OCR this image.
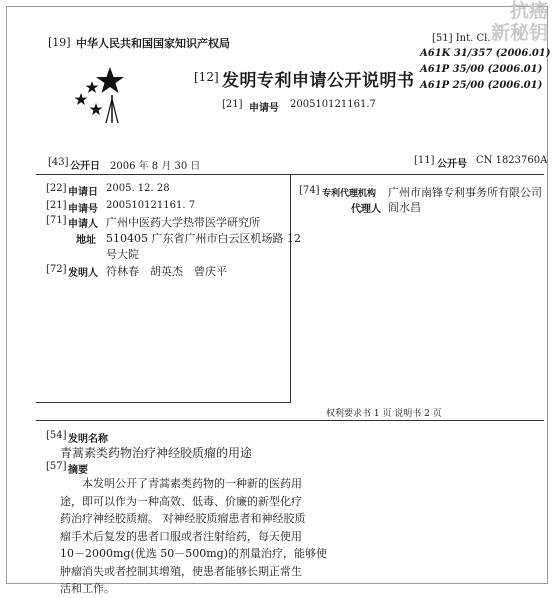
抗癌
新秘钥
[19] 中华人民共和国国家知识产权局	[51] Int. Cl.
A61K 31/357 (2006.01)
A61P 35/00 (2006.01)
A61P 25/00 (2006.01)
[12] 发明专利申请公开说明书
[21] 申请号 200510121161.7
[43] 公开日 2006 年 8 月 30 日
[11] 公开号 CN 1823760A
[22] 申请日 2005. 12. 28
[21] 申请号 200510121161. 7
[71] 申请人 广州中医药大学热带医学研究所
地址 510405 广东省广州市白云区机场路 12
号大院
[72] 发明人 符林春　胡英杰　曾庆平
[74] 专利代理机构 广州市南锋专利事务所有限公司
代理人 阎水昌
权利要求书 1 页 说明书 2 页
[54] 发明名称
青蒿素类药物治疗神经胶质瘤的用途
[57] 摘要
本发明公开了青蒿素类药物的一种新的医药用
途，即可以作为一种高效、低毒、价廉的新型化疗
药治疗神经胶质瘤。 对神经胶质瘤患者和神经胶质
瘤手术后复发的患者口服或者注射给药，每天使用
10－2000mg(优选 50－500mg)的剂量治疗，能够使
肿瘤消失或者控制其增殖，使患者能够长期正常生
活和工作。
